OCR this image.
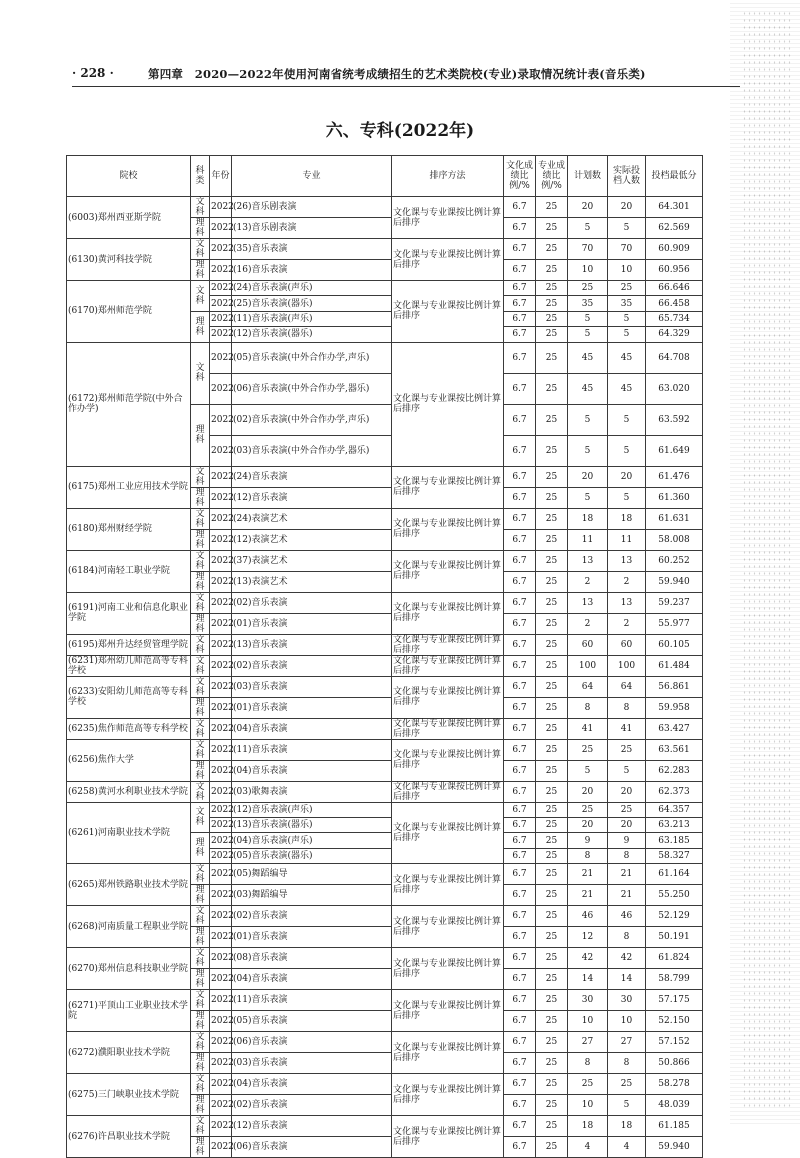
· 228 ·	第四章　2020—2022年使用河南省统考成绩招生的艺术类院校(专业)录取情况统计表(音乐类)
六、专科(2022年)
院校	科类	年份	专业	排序方法	文化成绩比例/%	专业成绩比例/%	计划数	实际投档人数	投档最低分
(6003)郑州西亚斯学院	文科	2022	(26)音乐剧表演	文化课与专业课按比例计算后排序	6.7	25	20	20	64.301
	理科	2022	(13)音乐剧表演		6.7	25	5	5	62.569
(6130)黄河科技学院	文科	2022	(35)音乐表演	文化课与专业课按比例计算后排序	6.7	25	70	70	60.909
	理科	2022	(16)音乐表演		6.7	25	10	10	60.956
(6170)郑州师范学院	文科	2022	(24)音乐表演(声乐)	文化课与专业课按比例计算后排序	6.7	25	25	25	66.646
		2022	(25)音乐表演(器乐)		6.7	25	35	35	66.458
	理科	2022	(11)音乐表演(声乐)		6.7	25	5	5	65.734
		2022	(12)音乐表演(器乐)		6.7	25	5	5	64.329
(6172)郑州师范学院(中外合作办学)	文科	2022	(05)音乐表演(中外合作办学,声乐)	文化课与专业课按比例计算后排序	6.7	25	45	45	64.708
		2022	(06)音乐表演(中外合作办学,器乐)		6.7	25	45	45	63.020
	理科	2022	(02)音乐表演(中外合作办学,声乐)		6.7	25	5	5	63.592
		2022	(03)音乐表演(中外合作办学,器乐)		6.7	25	5	5	61.649
(6175)郑州工业应用技术学院	文科	2022	(24)音乐表演	文化课与专业课按比例计算后排序	6.7	25	20	20	61.476
	理科	2022	(12)音乐表演		6.7	25	5	5	61.360
(6180)郑州财经学院	文科	2022	(24)表演艺术	文化课与专业课按比例计算后排序	6.7	25	18	18	61.631
	理科	2022	(12)表演艺术		6.7	25	11	11	58.008
(6184)河南轻工职业学院	文科	2022	(37)表演艺术	文化课与专业课按比例计算后排序	6.7	25	13	13	60.252
	理科	2022	(13)表演艺术		6.7	25	2	2	59.940
(6191)河南工业和信息化职业学院	文科	2022	(02)音乐表演	文化课与专业课按比例计算后排序	6.7	25	13	13	59.237
	理科	2022	(01)音乐表演		6.7	25	2	2	55.977
(6195)郑州升达经贸管理学院	文科	2022	(13)音乐表演	文化课与专业课按比例计算后排序	6.7	25	60	60	60.105
(6231)郑州幼儿师范高等专科学校	文科	2022	(02)音乐表演	文化课与专业课按比例计算后排序	6.7	25	100	100	61.484
(6233)安阳幼儿师范高等专科学校	文科	2022	(03)音乐表演	文化课与专业课按比例计算后排序	6.7	25	64	64	56.861
	理科	2022	(01)音乐表演		6.7	25	8	8	59.958
(6235)焦作师范高等专科学校	文科	2022	(04)音乐表演	文化课与专业课按比例计算后排序	6.7	25	41	41	63.427
(6256)焦作大学	文科	2022	(11)音乐表演	文化课与专业课按比例计算后排序	6.7	25	25	25	63.561
	理科	2022	(04)音乐表演		6.7	25	5	5	62.283
(6258)黄河水利职业技术学院	文科	2022	(03)歌舞表演	文化课与专业课按比例计算后排序	6.7	25	20	20	62.373
(6261)河南职业技术学院	文科	2022	(12)音乐表演(声乐)	文化课与专业课按比例计算后排序	6.7	25	25	25	64.357
		2022	(13)音乐表演(器乐)		6.7	25	20	20	63.213
	理科	2022	(04)音乐表演(声乐)		6.7	25	9	9	63.185
		2022	(05)音乐表演(器乐)		6.7	25	8	8	58.327
(6265)郑州铁路职业技术学院	文科	2022	(05)舞蹈编导	文化课与专业课按比例计算后排序	6.7	25	21	21	61.164
	理科	2022	(03)舞蹈编导		6.7	25	21	21	55.250
(6268)河南质量工程职业学院	文科	2022	(02)音乐表演	文化课与专业课按比例计算后排序	6.7	25	46	46	52.129
	理科	2022	(01)音乐表演		6.7	25	12	8	50.191
(6270)郑州信息科技职业学院	文科	2022	(08)音乐表演	文化课与专业课按比例计算后排序	6.7	25	42	42	61.824
	理科	2022	(04)音乐表演		6.7	25	14	14	58.799
(6271)平顶山工业职业技术学院	文科	2022	(11)音乐表演	文化课与专业课按比例计算后排序	6.7	25	30	30	57.175
	理科	2022	(05)音乐表演		6.7	25	10	10	52.150
(6272)濮阳职业技术学院	文科	2022	(06)音乐表演	文化课与专业课按比例计算后排序	6.7	25	27	27	57.152
	理科	2022	(03)音乐表演		6.7	25	8	8	50.866
(6275)三门峡职业技术学院	文科	2022	(04)音乐表演	文化课与专业课按比例计算后排序	6.7	25	25	25	58.278
	理科	2022	(02)音乐表演		6.7	25	10	5	48.039
(6276)许昌职业技术学院	文科	2022	(12)音乐表演	文化课与专业课按比例计算后排序	6.7	25	18	18	61.185
	理科	2022	(06)音乐表演		6.7	25	4	4	59.940
